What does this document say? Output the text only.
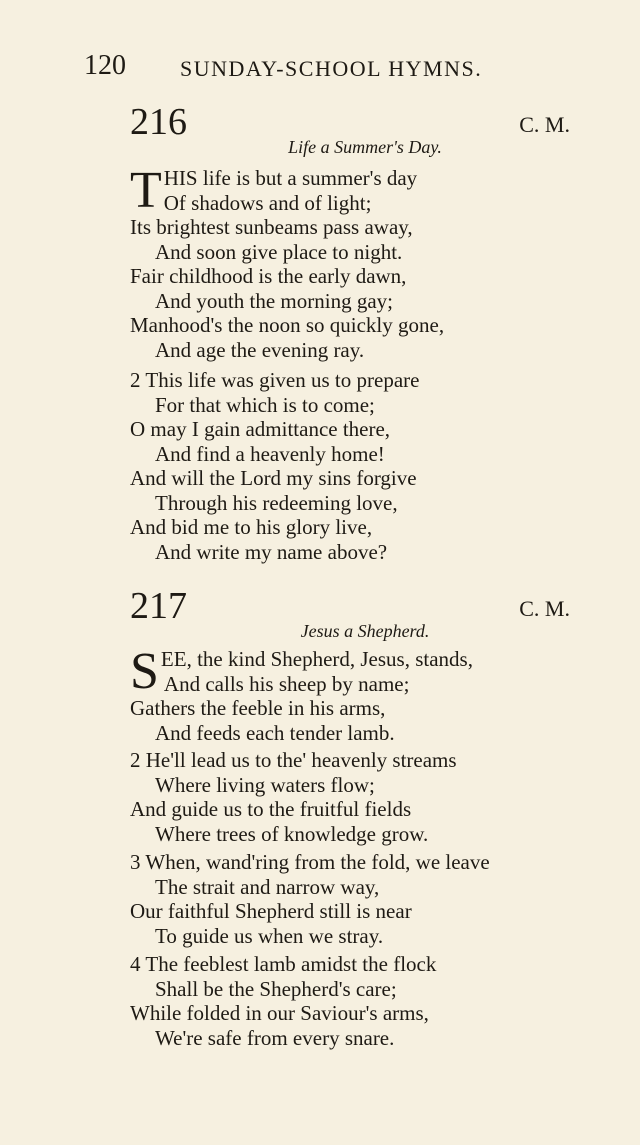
120 SUNDAY-SCHOOL HYMNS.
216	C. M.
Life a Summer's Day.
THIS life is but a summer's day
Of shadows and of light;
Its brightest sunbeams pass away,
And soon give place to night.
Fair childhood is the early dawn,
And youth the morning gay;
Manhood's the noon so quickly gone,
And age the evening ray.
2 This life was given us to prepare
For that which is to come;
O may I gain admittance there,
And find a heavenly home!
And will the Lord my sins forgive
Through his redeeming love,
And bid me to his glory live,
And write my name above?
217	C. M.
Jesus a Shepherd.
SEE, the kind Shepherd, Jesus, stands,
And calls his sheep by name;
Gathers the feeble in his arms,
And feeds each tender lamb.
2 He'll lead us to the' heavenly streams
Where living waters flow;
And guide us to the fruitful fields
Where trees of knowledge grow.
3 When, wand'ring from the fold, we leave
The strait and narrow way,
Our faithful Shepherd still is near
To guide us when we stray.
4 The feeblest lamb amidst the flock
Shall be the Shepherd's care;
While folded in our Saviour's arms,
We're safe from every snare.
